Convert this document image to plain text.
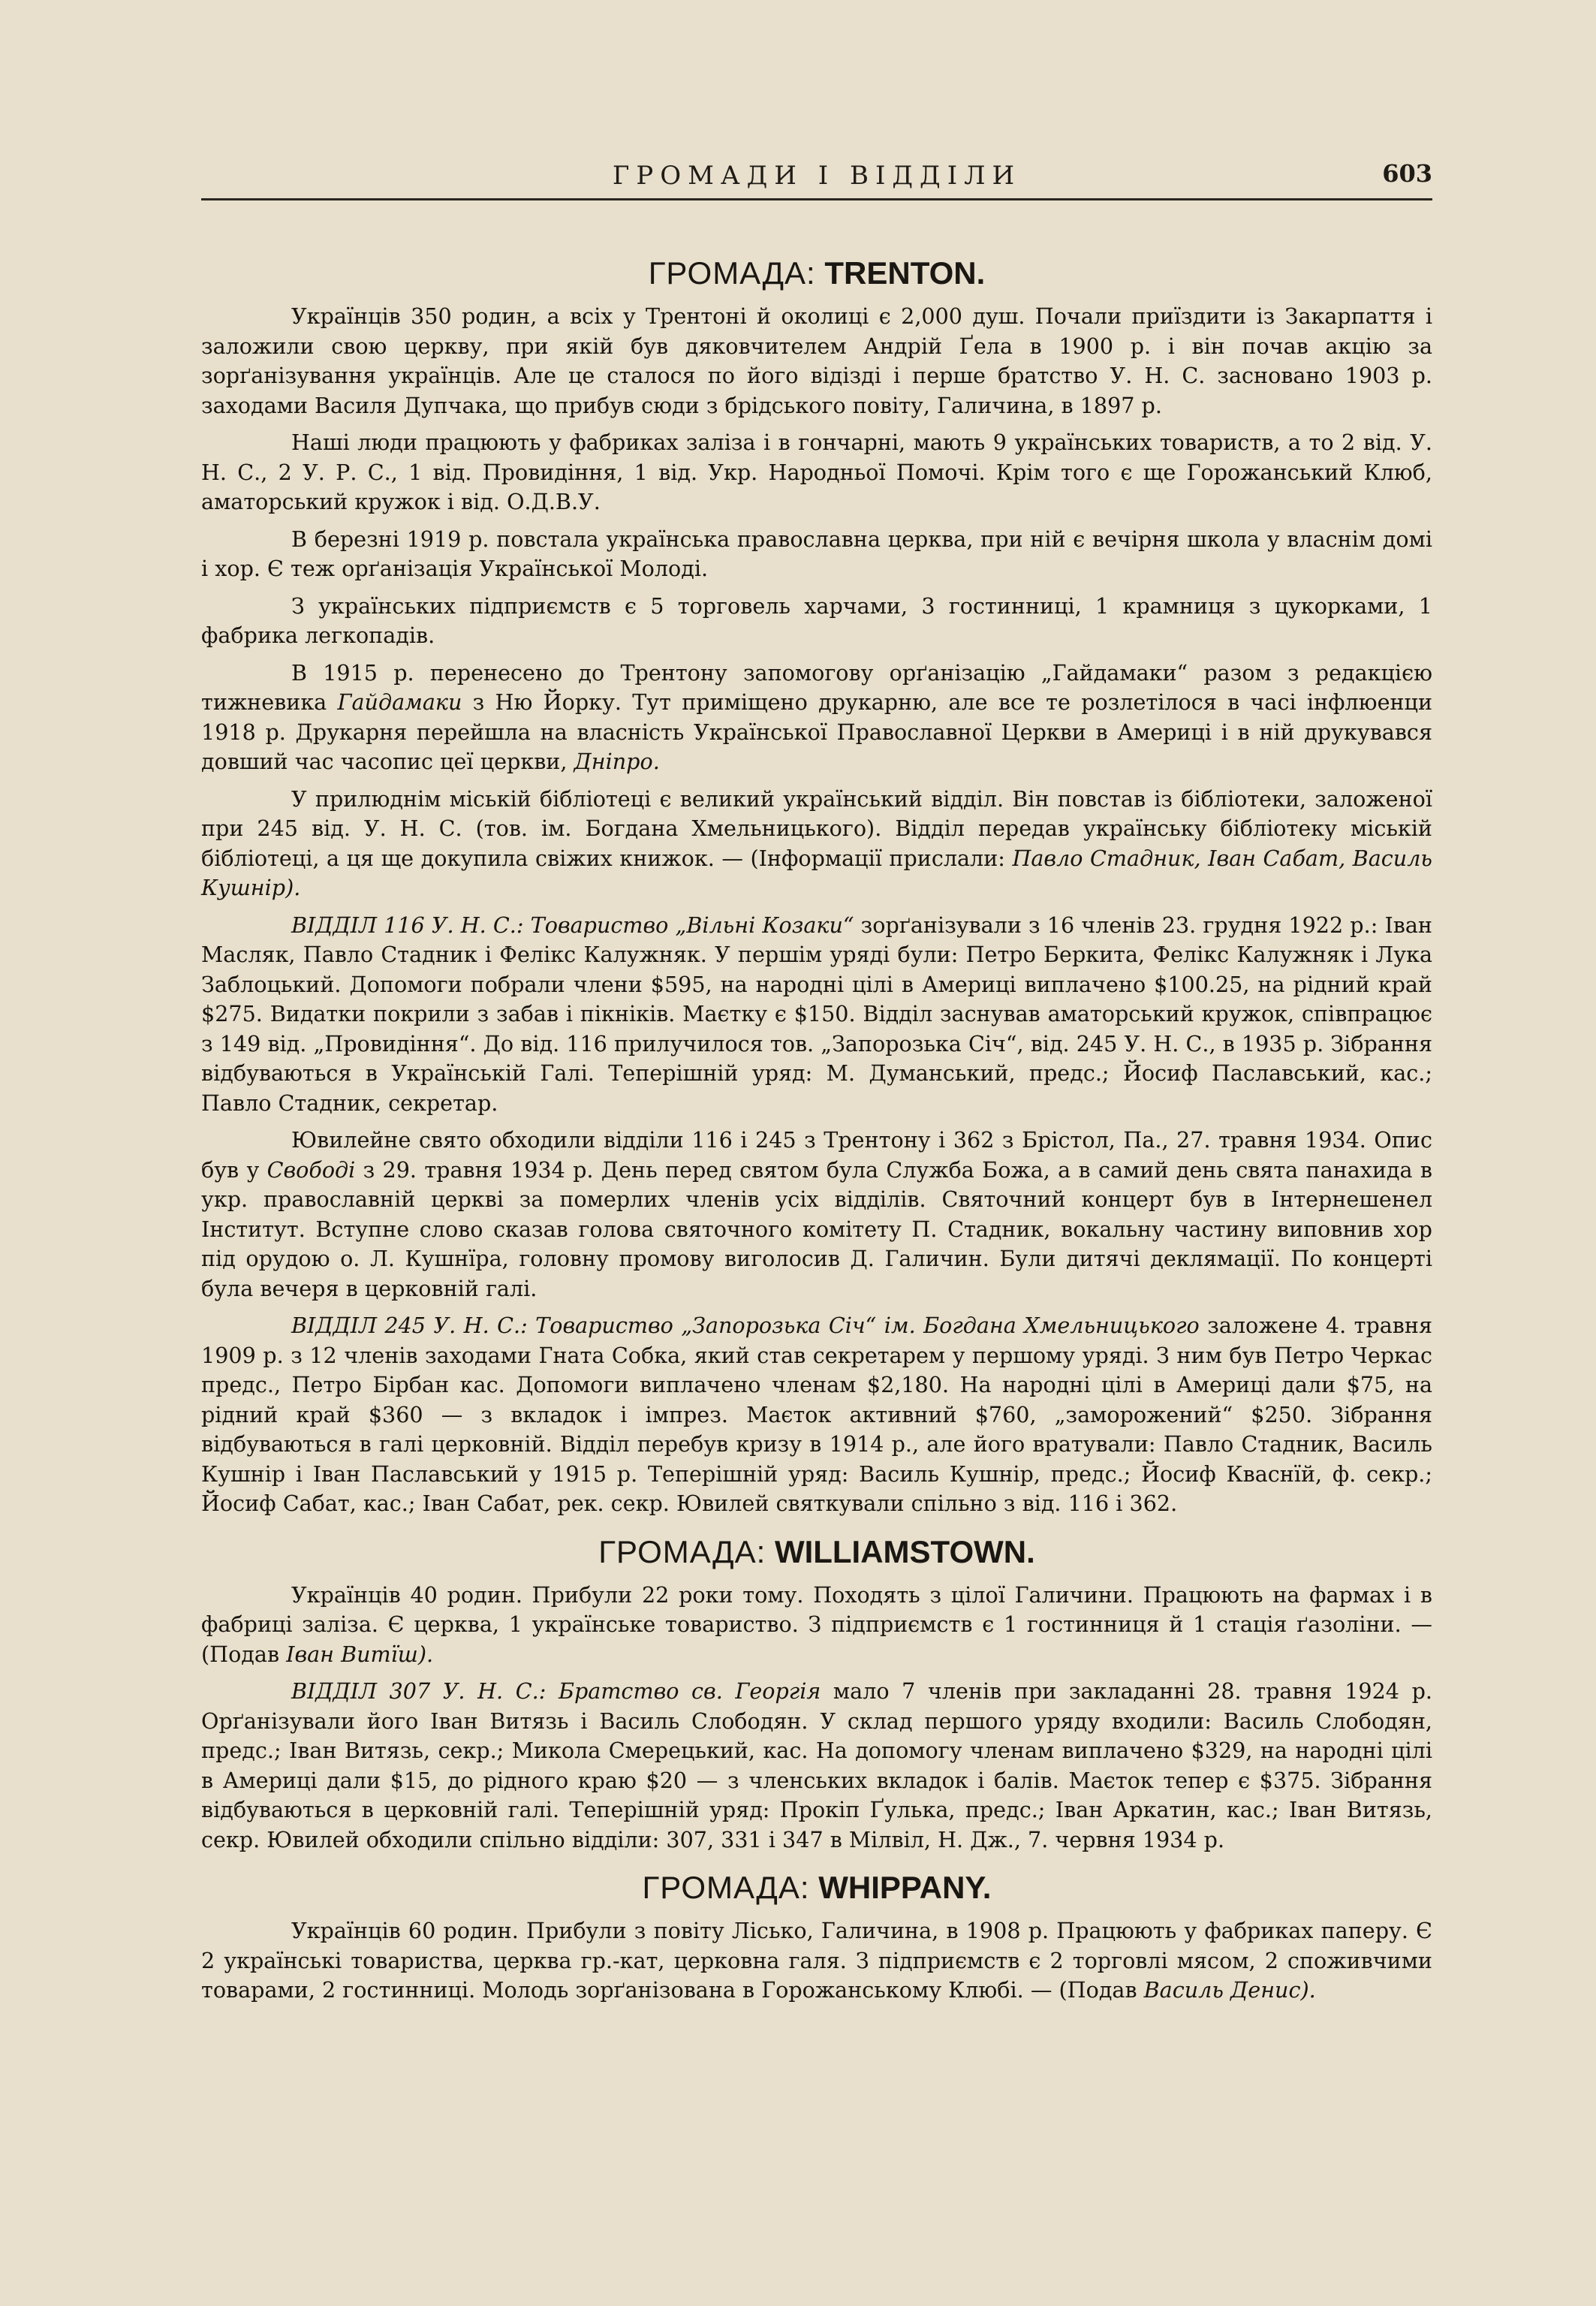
ГРОМАДИ І ВІДДІЛИ	603
ГРОМАДА: TRENTON.

Українців 350 родин, а всіх у Трентоні й околиці є 2,000 душ. Почали приїздити із Закарпаття і заложили свою церкву, при якій був дяковчителем Андрій Ґела в 1900 р. і він почав акцію за зорґанізування українців. Але це сталося по його відізді і перше братство У. Н. С. засновано 1903 р. заходами Василя Дупчака, що прибув сюди з брідського повіту, Галичина, в 1897 р.

Наші люди працюють у фабриках заліза і в гончарні, мають 9 українських товариств, а то 2 від. У. Н. С., 2 У. Р. С., 1 від. Провидіння, 1 від. Укр. Народньої Помочі. Крім того є ще Горожанський Клюб, аматорський кружок і від. О.Д.В.У.

В березні 1919 р. повстала українська православна церква, при ній є вечірня школа у власнім домі і хор. Є теж орґанізація Української Молоді.

З українських підприємств є 5 торговель харчами, 3 гостинниці, 1 крамниця з цукорками, 1 фабрика легкопадів.

В 1915 р. перенесено до Трентону запомогову орґанізацію „Гайдамаки“ разом з редакцією тижневика Гайдамаки з Ню Йорку. Тут приміщено друкарню, але все те розлетілося в часі інфлюенци 1918 р. Друкарня перейшла на власність Української Православної Церкви в Америці і в ній друкувався довший час часопис цеї церкви, Дніпро.

У прилюднім міській бібліотеці є великий український відділ. Він повстав із бібліотеки, заложеної при 245 від. У. Н. С. (тов. ім. Богдана Хмельницького). Відділ передав українську бібліотеку міській бібліотеці, а ця ще докупила свіжих книжок. — (Інформації прислали: Павло Стадник, Іван Сабат, Василь Кушнір).

ВІДДІЛ 116 У. Н. С.: Товариство „Вільні Козаки“ зорґанізували з 16 членів 23. грудня 1922 р.: Іван Масляк, Павло Стадник і Фелікс Калужняк. У першім уряді були: Петро Беркита, Фелікс Калужняк і Лука Заблоцький. Допомоги побрали члени $595, на народні цілі в Америці виплачено $100.25, на рідний край $275. Видатки покрили з забав і пікніків. Маєтку є $150. Відділ заснував аматорський кружок, співпрацює з 149 від. „Провидіння“. До від. 116 прилучилося тов. „Запорозька Січ“, від. 245 У. Н. С., в 1935 р. Зібрання відбуваються в Українській Галі. Теперішній уряд: М. Думанський, предс.; Йосиф Паславський, кас.; Павло Стадник, секретар.

Ювилейне свято обходили відділи 116 і 245 з Трентону і 362 з Брістол, Па., 27. травня 1934. Опис був у Свободі з 29. травня 1934 р. День перед святом була Служба Божа, а в самий день свята панахида в укр. православній церкві за померлих членів усіх відділів. Святочний концерт був в Інтернешенел Інститут. Вступне слово сказав голова святочного комітету П. Стадник, вокальну частину виповнив хор під орудою о. Л. Кушнїра, головну промову виголосив Д. Галичин. Були дитячі деклямації. По концерті була вечеря в церковній галі.

ВІДДІЛ 245 У. Н. С.: Товариство „Запорозька Січ“ ім. Богдана Хмельницького заложене 4. травня 1909 р. з 12 членів заходами Гната Собка, який став секретарем у першому уряді. З ним був Петро Черкас предс., Петро Бірбан кас. Допомоги виплачено членам $2,180. На народні цілі в Америці дали $75, на рідний край $360 — з вкладок і імпрез. Маєток активний $760, „заморожений“ $250. Зібрання відбуваються в галі церковній. Відділ перебув кризу в 1914 р., але його вратували: Павло Стадник, Василь Кушнір і Іван Паславський у 1915 р. Теперішній уряд: Василь Кушнір, предс.; Йосиф Кваснїй, ф. секр.; Йосиф Сабат, кас.; Іван Сабат, рек. секр. Ювилей святкували спільно з від. 116 і 362.

ГРОМАДА: WILLIAMSTOWN.

Українців 40 родин. Прибули 22 роки тому. Походять з цілої Галичини. Працюють на фармах і в фабриці заліза. Є церква, 1 українське товариство. З підприємств є 1 гостинниця й 1 стація ґазоліни. — (Подав Іван Витїш).

ВІДДІЛ 307 У. Н. С.: Братство св. Георгія мало 7 членів при закладанні 28. травня 1924 р. Орґанізували його Іван Витязь і Василь Слободян. У склад першого уряду входили: Василь Слободян, предс.; Іван Витязь, секр.; Микола Смерецький, кас. На допомогу членам виплачено $329, на народні цілі в Америці дали $15, до рідного краю $20 — з членських вкладок і балів. Маєток тепер є $375. Зібрання відбуваються в церковній галі. Теперішній уряд: Прокіп Ґулька, предс.; Іван Аркатин, кас.; Іван Витязь, секр. Ювилей обходили спільно відділи: 307, 331 і 347 в Мілвіл, Н. Дж., 7. червня 1934 р.

ГРОМАДА: WHIPPANY.

Українців 60 родин. Прибули з повіту Лісько, Галичина, в 1908 р. Працюють у фабриках паперу. Є 2 українські товариства, церква гр.-кат, церковна галя. З підприємств є 2 торговлі мясом, 2 споживчими товарами, 2 гостинниці. Молодь зорґанізована в Горожанському Клюбі. — (Подав Василь Денис).
